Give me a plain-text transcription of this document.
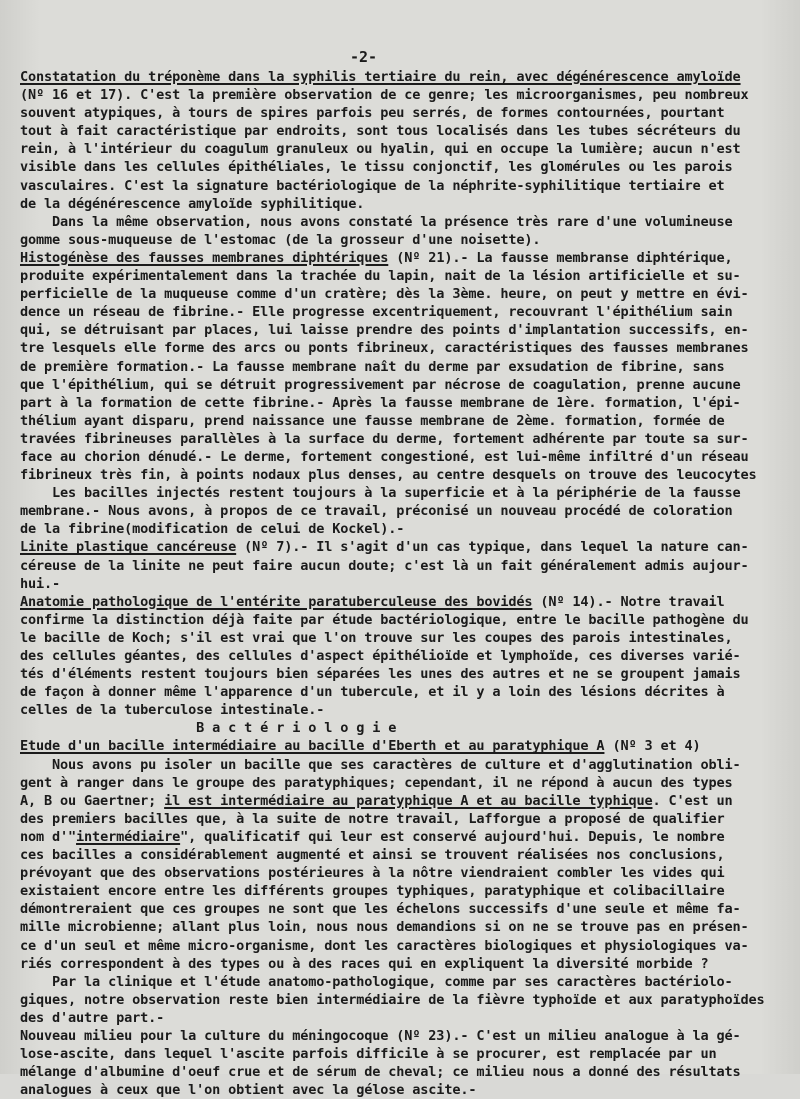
-2-
Constatation du tréponème dans la syphilis tertiaire du rein, avec dégénérescence amyloïde
(Nº 16 et 17). C'est la première observation de ce genre; les microorganismes, peu nombreux
souvent atypiques, à tours de spires parfois peu serrés, de formes contournées, pourtant
tout à fait caractéristique par endroits, sont tous localisés dans les tubes sécréteurs du
rein, à l'intérieur du coagulum granuleux ou hyalin, qui en occupe la lumière; aucun n'est
visible dans les cellules épithéliales, le tissu conjonctif, les glomérules ou les parois
vasculaires. C'est la signature bactériologique de la néphrite-syphilitique tertiaire et
de la dégénérescence amyloïde syphilitique.
Dans la même observation, nous avons constaté la présence très rare d'une volumineuse
gomme sous-muqueuse de l'estomac (de la grosseur d'une noisette).
Histogénèse des fausses membranes diphtériques (Nº 21).- La fausse membranse diphtérique,
produite expérimentalement dans la trachée du lapin, nait de la lésion artificielle et su-
perficielle de la muqueuse comme d'un cratère; dès la 3ème. heure, on peut y mettre en évi-
dence un réseau de fibrine.- Elle progresse excentriquement, recouvrant l'épithélium sain
qui, se détruisant par places, lui laisse prendre des points d'implantation successifs, en-
tre lesquels elle forme des arcs ou ponts fibrineux, caractéristiques des fausses membranes
de première formation.- La fausse membrane naît du derme par exsudation de fibrine, sans
que l'épithélium, qui se détruit progressivement par nécrose de coagulation, prenne aucune
part à la formation de cette fibrine.- Après la fausse membrane de 1ère. formation, l'épi-
thélium ayant disparu, prend naissance une fausse membrane de 2ème. formation, formée de
travées fibrineuses parallèles à la surface du derme, fortement adhérente par toute sa sur-
face au chorion dénudé.- Le derme, fortement congestioné, est lui-même infiltré d'un réseau
fibrineux très fin, à points nodaux plus denses, au centre desquels on trouve des leucocytes
Les bacilles injectés restent toujours à la superficie et à la périphérie de la fausse
membrane.- Nous avons, à propos de ce travail, préconisé un nouveau procédé de coloration
de la fibrine(modification de celui de Kockel).-
Linite plastique cancéreuse (Nº 7).- Il s'agit d'un cas typique, dans lequel la nature can-
céreuse de la linite ne peut faire aucun doute; c'est là un fait généralement admis aujour-
hui.-
Anatomie pathologique de l'entérite paratuberculeuse des bovidés (Nº 14).- Notre travail
confirme la distinction déjà faite par étude bactériologique, entre le bacille pathogène du
le bacille de Koch; s'il est vrai que l'on trouve sur les coupes des parois intestinales,
des cellules géantes, des cellules d'aspect épithélioïde et lymphoïde, ces diverses varié-
tés d'éléments restent toujours bien séparées les unes des autres et ne se groupent jamais
de façon à donner même l'apparence d'un tubercule, et il y a loin des lésions décrites à
celles de la tuberculose intestinale.-
B a c t é r i o l o g i e
Etude d'un bacille intermédiaire au bacille d'Eberth et au paratyphique A (Nº 3 et 4)
Nous avons pu isoler un bacille que ses caractères de culture et d'agglutination obli-
gent à ranger dans le groupe des paratyphiques; cependant, il ne répond à aucun des types
A, B ou Gaertner; il est intermédiaire au paratyphique A et au bacille typhique. C'est un
des premiers bacilles que, à la suite de notre travail, Lafforgue a proposé de qualifier
nom d'"intermédiaire", qualificatif qui leur est conservé aujourd'hui. Depuis, le nombre
ces bacilles a considérablement augmenté et ainsi se trouvent réalisées nos conclusions,
prévoyant que des observations postérieures à la nôtre viendraient combler les vides qui
existaient encore entre les différents groupes typhiques, paratyphique et colibacillaire
démontreraient que ces groupes ne sont que les échelons successifs d'une seule et même fa-
mille microbienne; allant plus loin, nous nous demandions si on ne se trouve pas en présen-
ce d'un seul et même micro-organisme, dont les caractères biologiques et physiologiques va-
riés correspondent à des types ou à des races qui en expliquent la diversité morbide ?
Par la clinique et l'étude anatomo-pathologique, comme par ses caractères bactériolo-
giques, notre observation reste bien intermédiaire de la fièvre typhoïde et aux paratyphoïdes
des d'autre part.-
Nouveau milieu pour la culture du méningocoque (Nº 23).- C'est un milieu analogue à la gé-
lose-ascite, dans lequel l'ascite parfois difficile à se procurer, est remplacée par un
mélange d'albumine d'oeuf crue et de sérum de cheval; ce milieu nous a donné des résultats
analogues à ceux que l'on obtient avec la gélose ascite.-
